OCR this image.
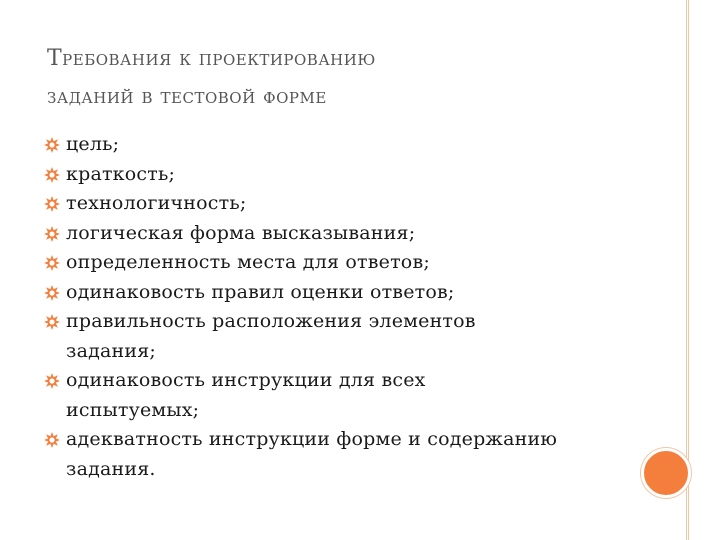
Требования к проектированию
заданий в тестовой форме
цель;
краткость;
технологичность;
логическая форма высказывания;
определенность места для ответов;
одинаковость правил оценки ответов;
правильность расположения элементов задания;
одинаковость инструкции для всех испытуемых;
адекватность инструкции форме и содержанию задания.
